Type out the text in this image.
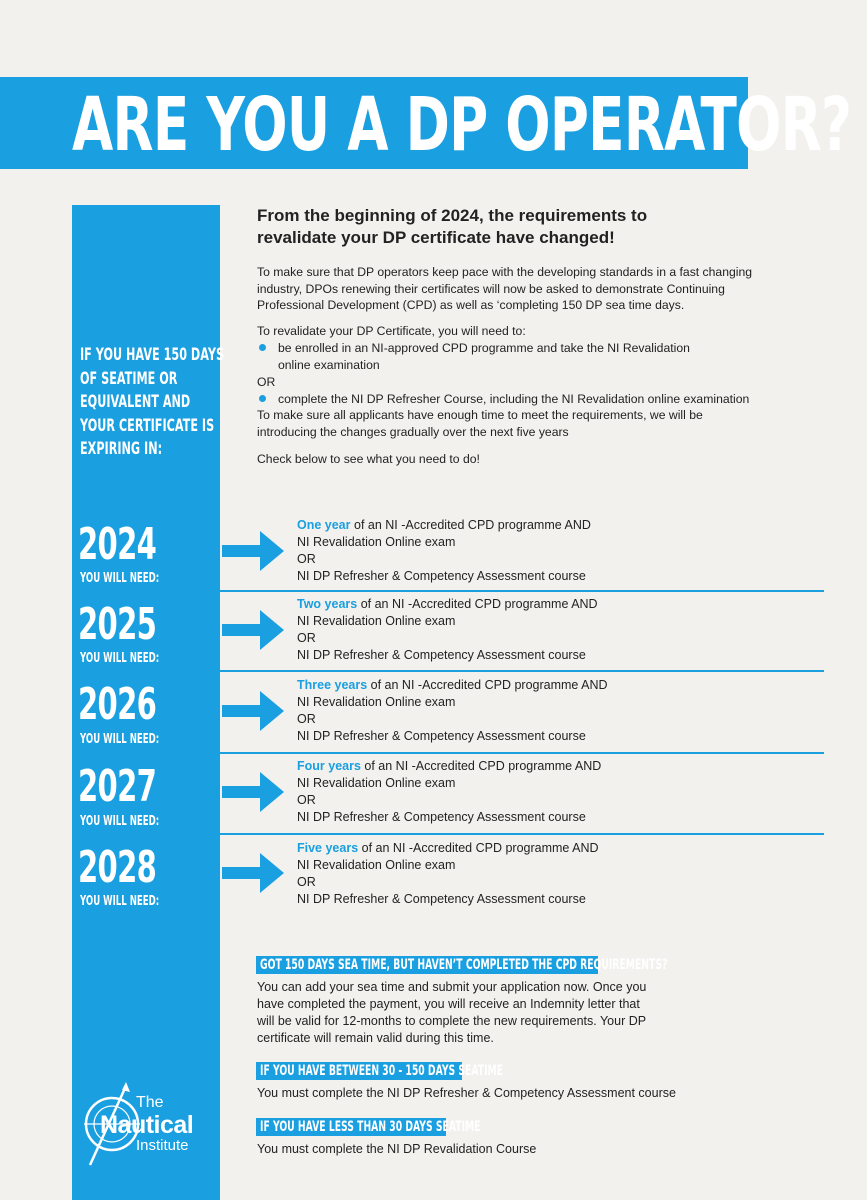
ARE YOU A DP OPERATOR?
IF YOU HAVE 150 DAYS
OF SEATIME OR
EQUIVALENT AND
YOUR CERTIFICATE IS
EXPIRING IN:

From the beginning of 2024, the requirements to
revalidate your DP certificate have changed!

To make sure that DP operators keep pace with the developing standards in a fast changing
industry, DPOs renewing their certificates will now be asked to demonstrate Continuing
Professional Development (CPD) as well as ‘completing 150 DP sea time days.

To revalidate your DP Certificate, you will need to:

be enrolled in an NI-approved CPD programme and take the NI Revalidation
online examination

OR

complete the NI DP Refresher Course, including the NI Revalidation online examination

To make sure all applicants have enough time to meet the requirements, we will be
introducing the changes gradually over the next five years

Check below to see what you need to do!

2024
YOU WILL NEED:
One year of an NI -Accredited CPD programme AND
NI Revalidation Online exam
OR
NI DP Refresher & Competency Assessment course
2025
YOU WILL NEED:
Two years of an NI -Accredited CPD programme AND
NI Revalidation Online exam
OR
NI DP Refresher & Competency Assessment course
2026
YOU WILL NEED:
Three years of an NI -Accredited CPD programme AND
NI Revalidation Online exam
OR
NI DP Refresher & Competency Assessment course
2027
YOU WILL NEED:
Four years of an NI -Accredited CPD programme AND
NI Revalidation Online exam
OR
NI DP Refresher & Competency Assessment course
2028
YOU WILL NEED:
Five years of an NI -Accredited CPD programme AND
NI Revalidation Online exam
OR
NI DP Refresher & Competency Assessment course
GOT 150 DAYS SEA TIME, BUT HAVEN’T COMPLETED THE CPD REQUIREMENTS?

You can add your sea time and submit your application now. Once you
have completed the payment, you will receive an Indemnity letter that
will be valid for 12-months to complete the new requirements. Your DP
certificate will remain valid during this time.

IF YOU HAVE BETWEEN 30 - 150 DAYS SEATIME

You must complete the NI DP Refresher & Competency Assessment course

IF YOU HAVE LESS THAN 30 DAYS SEATIME

You must complete the NI DP Revalidation Course

The
Nautical
Institute
